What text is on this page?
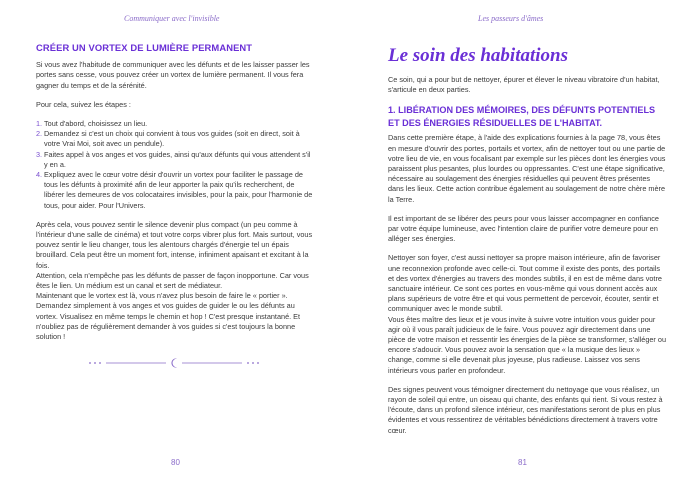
Communiquer avec l'invisible
CRÉER UN VORTEX DE LUMIÈRE PERMANENT

Si vous avez l'habitude de communiquer avec les défunts et de les laisser passer les portes sans cesse, vous pouvez créer un vortex de lumière permanent. Il vous fera gagner du temps et de la sérénité.

Pour cela, suivez les étapes :

1. Tout d'abord, choisissez un lieu.
2. Demandez si c'est un choix qui convient à tous vos guides (soit en direct, soit à votre Vrai Moi, soit avec un pendule).
3. Faites appel à vos anges et vos guides, ainsi qu'aux défunts qui vous attendent s'il y en a.
4. Expliquez avec le cœur votre désir d'ouvrir un vortex pour faciliter le passage de tous les défunts à proximité afin de leur apporter la paix qu'ils recherchent, de libérer les demeures de vos colocataires invisibles, pour la paix, pour l'harmonie de tous, pour aider. Pour l'Univers.

Après cela, vous pouvez sentir le silence devenir plus compact (un peu comme à l'intérieur d'une salle de cinéma) et tout votre corps vibrer plus fort. Mais surtout, vous pouvez sentir le lieu changer, tous les alentours chargés d'énergie tel un épais brouillard. Cela peut être un moment fort, intense, infiniment apaisant et excitant à la fois.

Attention, cela n'empêche pas les défunts de passer de façon inopportune. Car vous êtes le lien. Un médium est un canal et sert de médiateur.

Maintenant que le vortex est là, vous n'avez plus besoin de faire le « portier ».

Demandez simplement à vos anges et vos guides de guider le ou les défunts au vortex. Visualisez en même temps le chemin et hop ! C'est presque instantané. Et n'oubliez pas de régulièrement demander à vos guides si c'est toujours la bonne solution !

80
Les passeurs d'âmes
Le soin des habitations

Ce soin, qui a pour but de nettoyer, épurer et élever le niveau vibratoire d'un habitat, s'articule en deux parties.

1. LIBÉRATION DES MÉMOIRES, DES DÉFUNTS POTENTIELS ET DES ÉNERGIES RÉSIDUELLES DE L'HABITAT.

Dans cette première étape, à l'aide des explications fournies à la page 78, vous êtes en mesure d'ouvrir des portes, portails et vortex, afin de nettoyer tout ou une partie de votre lieu de vie, en vous focalisant par exemple sur les pièces dont les énergies vous paraissent plus pesantes, plus lourdes ou oppressantes. C'est une étape significative, nécessaire au soulagement des énergies résiduelles qui peuvent êtres présentes dans les lieux. Cette action contribue également au soulagement de notre chère mère la Terre.

Il est important de se libérer des peurs pour vous laisser accompagner en confiance par votre équipe lumineuse, avec l'intention claire de purifier votre demeure pour en alléger ses énergies.

Nettoyer son foyer, c'est aussi nettoyer sa propre maison intérieure, afin de favoriser une reconnexion profonde avec celle-ci. Tout comme il existe des ponts, des portails et des vortex d'énergies au travers des mondes subtils, il en est de même dans votre sanctuaire intérieur. Ce sont ces portes en vous-même qui vous donnent accès aux plans supérieurs de votre être et qui vous permettent de percevoir, écouter, sentir et communiquer avec le monde subtil.

Vous êtes maître des lieux et je vous invite à suivre votre intuition vous guider pour agir où il vous paraît judicieux de le faire. Vous pouvez agir directement dans une pièce de votre maison et ressentir les énergies de la pièce se transformer, s'alléger ou encore s'adoucir. Vous pouvez avoir la sensation que « la musique des lieux » change, comme si elle devenait plus joyeuse, plus radieuse. Laissez vos sens intérieurs vous parler en profondeur.

Des signes peuvent vous témoigner directement du nettoyage que vous réalisez, un rayon de soleil qui entre, un oiseau qui chante, des enfants qui rient. Si vous restez à l'écoute, dans un profond silence intérieur, ces manifestations seront de plus en plus évidentes et vous ressentirez de véritables bénédictions directement à travers votre cœur.

81
